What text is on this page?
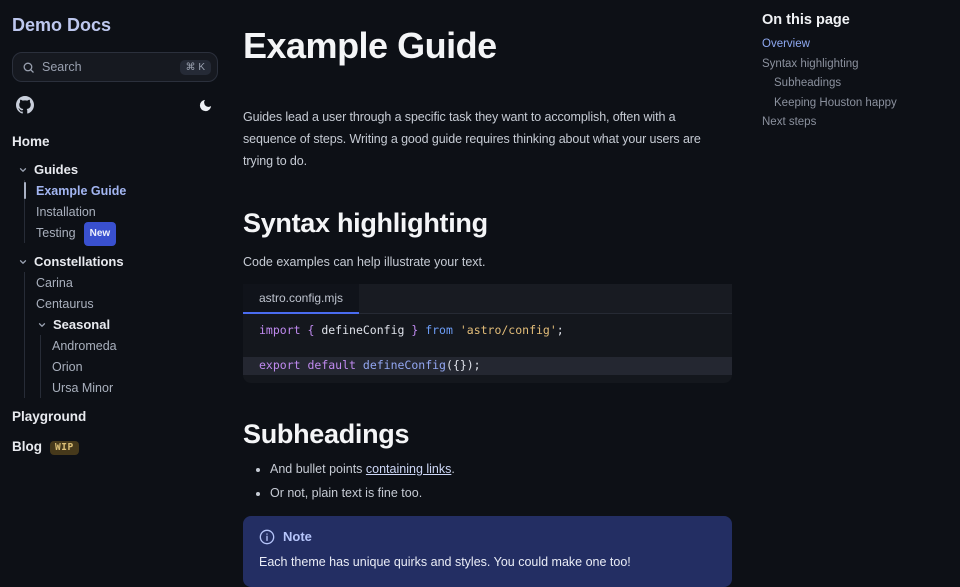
Demo Docs
Search	⌘ K
Home
Guides
Example Guide
Installation
Testing New
Constellations
Carina
Centaurus
Seasonal
Andromeda
Orion
Ursa Minor
Playground
Blog WIP
Example Guide

Guides lead a user through a specific task they want to accomplish, often with a sequence of steps. Writing a good guide requires thinking about what your users are trying to do.

Syntax highlighting

Code examples can help illustrate your text.

astro.config.mjs
import { defineConfig } from 'astro/config';

export default defineConfig({});
Subheadings
• And bullet points containing links.
• Or not, plain text is fine too.
Note

Each theme has unique quirks and styles. You could make one too!

On this page
Overview
Syntax highlighting
Subheadings
Keeping Houston happy
Next steps
